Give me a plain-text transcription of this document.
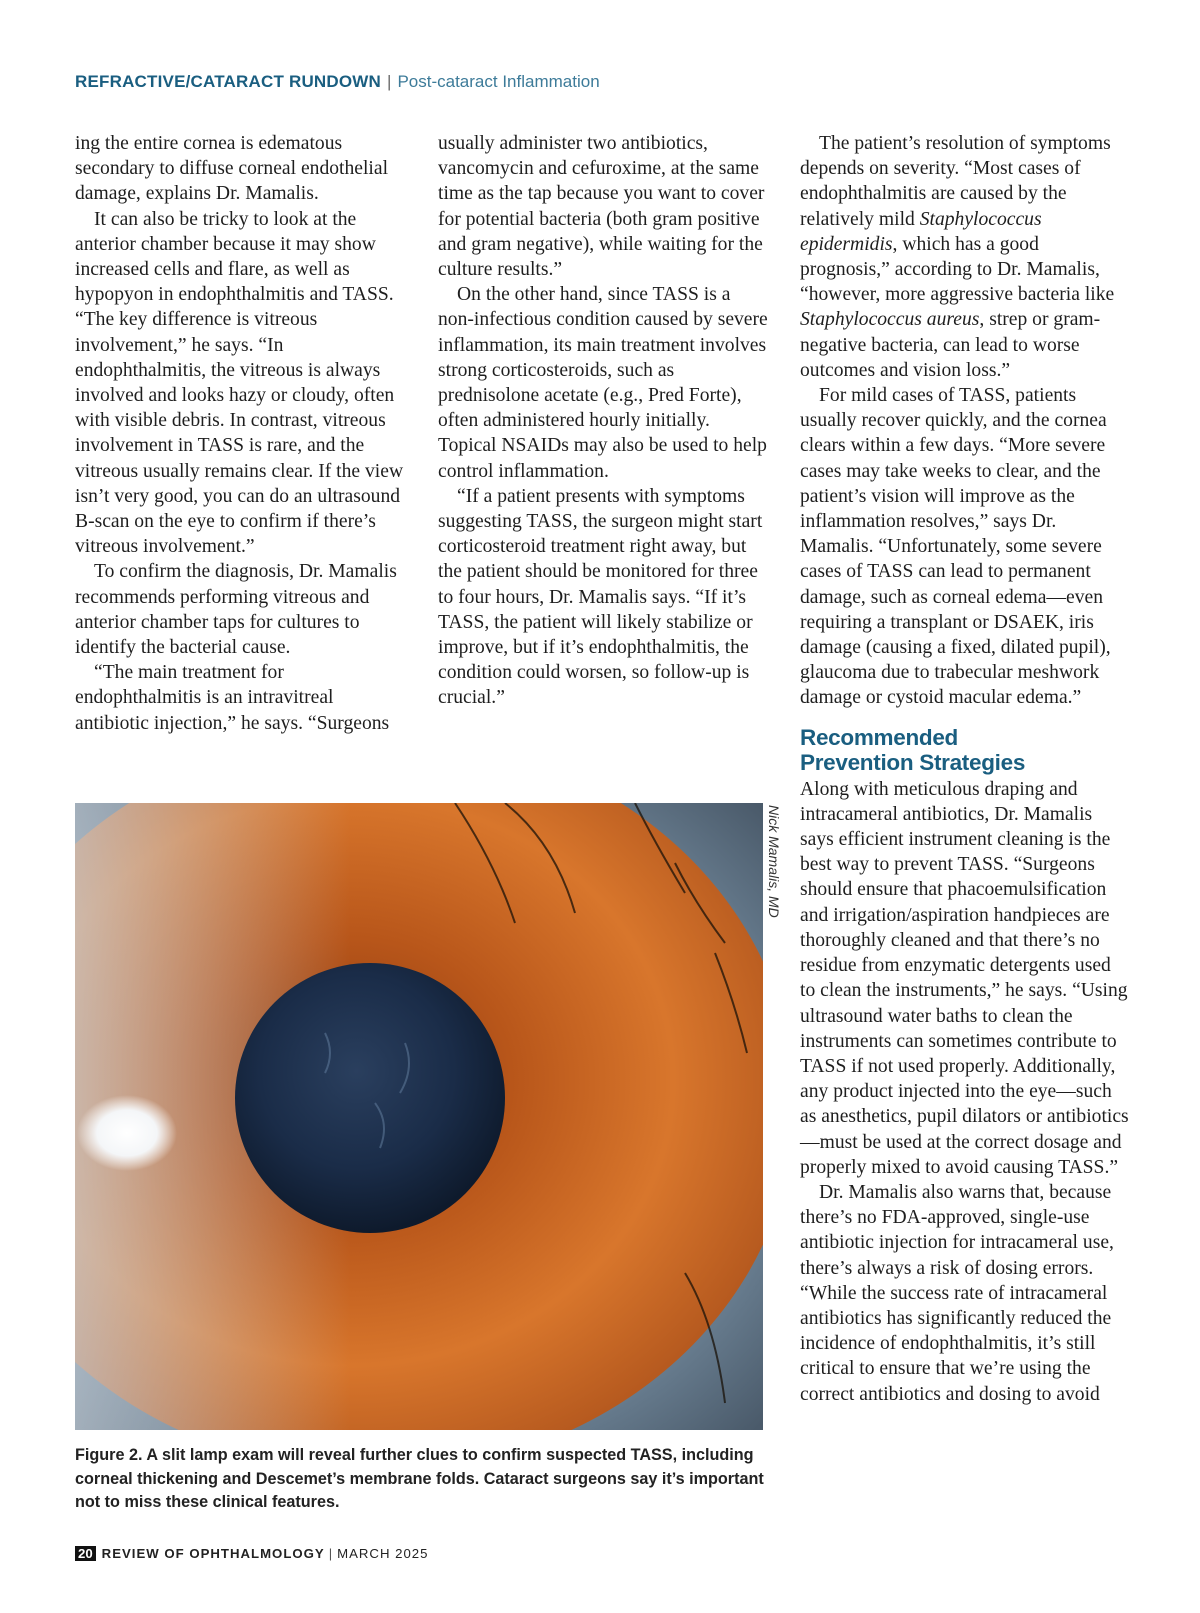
REFRACTIVE/CATARACT RUNDOWN | Post-cataract Inflammation

ing the entire cornea is edematous secondary to diffuse corneal endothelial damage, explains Dr. Mamalis.

It can also be tricky to look at the anterior chamber because it may show increased cells and flare, as well as hypopyon in endophthalmitis and TASS. “The key difference is vitreous involvement,” he says. “In endophthalmitis, the vitreous is always involved and looks hazy or cloudy, often with visible debris. In contrast, vitreous involvement in TASS is rare, and the vitreous usually remains clear. If the view isn’t very good, you can do an ultrasound B-scan on the eye to confirm if there’s vitreous involvement.”

To confirm the diagnosis, Dr. Mamalis recommends performing vitreous and anterior chamber taps for cultures to identify the bacterial cause.

“The main treatment for endophthalmitis is an intravitreal antibiotic injection,” he says. “Surgeons

usually administer two antibiotics, vancomycin and cefuroxime, at the same time as the tap because you want to cover for potential bacteria (both gram positive and gram negative), while waiting for the culture results.”

On the other hand, since TASS is a non-infectious condition caused by severe inflammation, its main treatment involves strong corticosteroids, such as prednisolone acetate (e.g., Pred Forte), often administered hourly initially. Topical NSAIDs may also be used to help control inflammation.

“If a patient presents with symptoms suggesting TASS, the surgeon might start corticosteroid treatment right away, but the patient should be monitored for three to four hours, Dr. Mamalis says. “If it’s TASS, the patient will likely stabilize or improve, but if it’s endophthalmitis, the condition could worsen, so follow-up is crucial.”

The patient’s resolution of symptoms depends on severity. “Most cases of endophthalmitis are caused by the relatively mild Staphylococcus epidermidis, which has a good prognosis,” according to Dr. Mamalis, “however, more aggressive bacteria like Staphylococcus aureus, strep or gram-negative bacteria, can lead to worse outcomes and vision loss.”

For mild cases of TASS, patients usually recover quickly, and the cornea clears within a few days. “More severe cases may take weeks to clear, and the patient’s vision will improve as the inflammation resolves,” says Dr. Mamalis. “Unfortunately, some severe cases of TASS can lead to permanent damage, such as corneal edema—even requiring a transplant or DSAEK, iris damage (causing a fixed, dilated pupil), glaucoma due to trabecular meshwork damage or cystoid macular edema.”

Recommended
Prevention Strategies

Along with meticulous draping and intracameral antibiotics, Dr. Mamalis says efficient instrument cleaning is the best way to prevent TASS. “Surgeons should ensure that phacoemulsification and irrigation/aspiration handpieces are thoroughly cleaned and that there’s no residue from enzymatic detergents used to clean the instruments,” he says. “Using ultrasound water baths to clean the instruments can sometimes contribute to TASS if not used properly. Additionally, any product injected into the eye—such as anesthetics, pupil dilators or antibiotics—must be used at the correct dosage and properly mixed to avoid causing TASS.”

Dr. Mamalis also warns that, because there’s no FDA-approved, single-use antibiotic injection for intracameral use, there’s always a risk of dosing errors. “While the success rate of intracameral antibiotics has significantly reduced the incidence of endophthalmitis, it’s still critical to ensure that we’re using the correct antibiotics and dosing to avoid

Nick Mamalis, MD
Figure 2. A slit lamp exam will reveal further clues to confirm suspected TASS, including corneal thickening and Descemet’s membrane folds. Cataract surgeons say it’s important not to miss these clinical features.
20 REVIEW OF OPHTHALMOLOGY | MARCH 2025
